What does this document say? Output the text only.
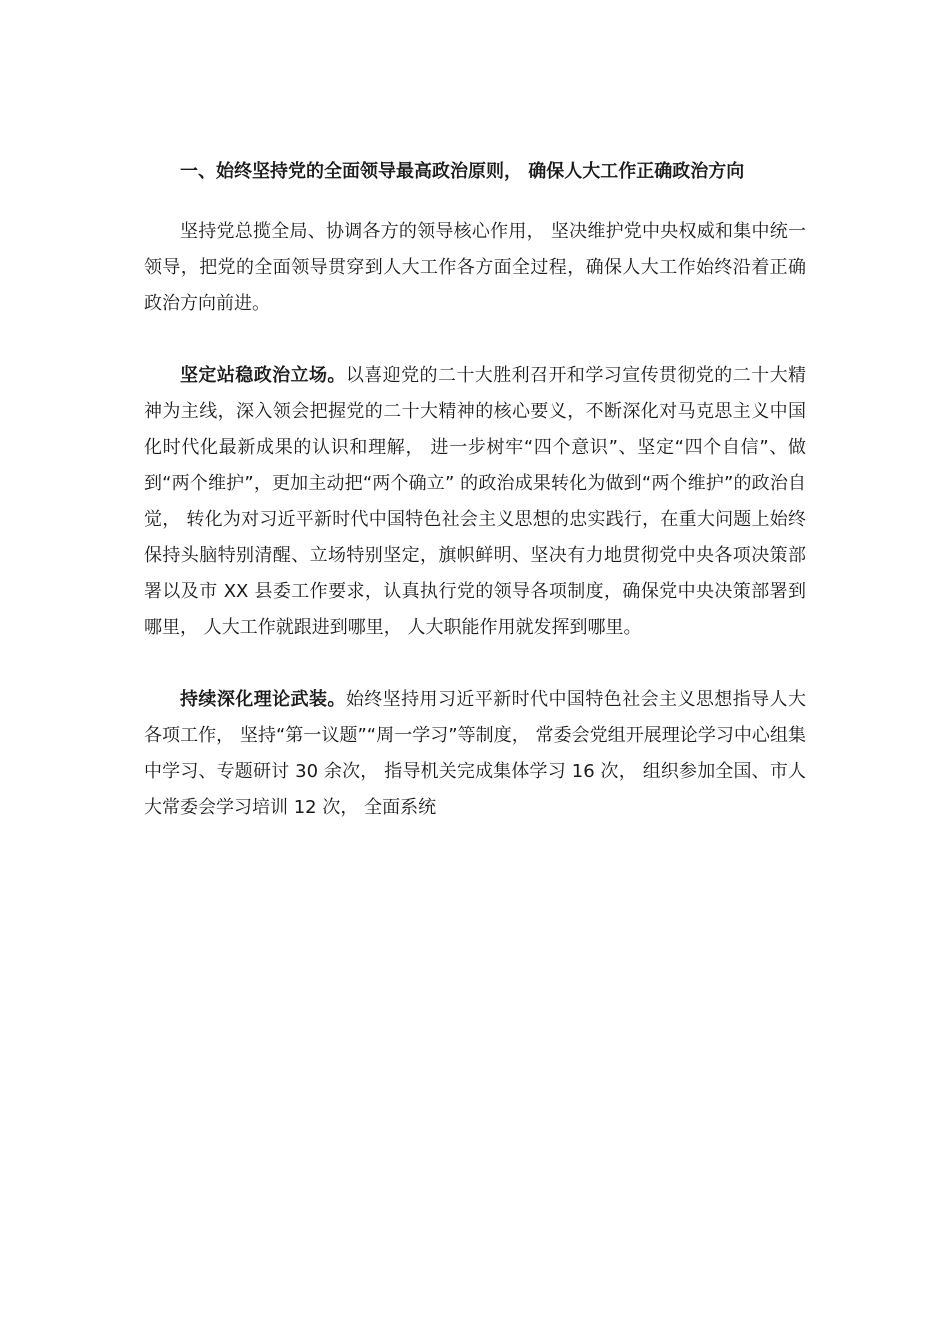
一、始终坚持党的全面领导最高政治原则， 确保人大工作正确政治方向

坚持党总揽全局、协调各方的领导核心作用， 坚决维护党中央权威和集中统一领导，把党的全面领导贯穿到人大工作各方面全过程，确保人大工作始终沿着正确政治方向前进。

坚定站稳政治立场。以喜迎党的二十大胜利召开和学习宣传贯彻党的二十大精神为主线，深入领会把握党的二十大精神的核心要义，不断深化对马克思主义中国化时代化最新成果的认识和理解， 进一步树牢“四个意识”、坚定“四个自信”、做到“两个维护”，更加主动把“两个确立” 的政治成果转化为做到“两个维护”的政治自觉， 转化为对习近平新时代中国特色社会主义思想的忠实践行，在重大问题上始终保持头脑特别清醒、立场特别坚定，旗帜鲜明、坚决有力地贯彻党中央各项决策部署以及市 XX 县委工作要求，认真执行党的领导各项制度，确保党中央决策部署到哪里， 人大工作就跟进到哪里， 人大职能作用就发挥到哪里。

持续深化理论武装。始终坚持用习近平新时代中国特色社会主义思想指导人大各项工作， 坚持“第一议题”“周一学习”等制度， 常委会党组开展理论学习中心组集中学习、专题研讨 30 余次， 指导机关完成集体学习 16 次， 组织参加全国、市人大常委会学习培训 12 次， 全面系统
